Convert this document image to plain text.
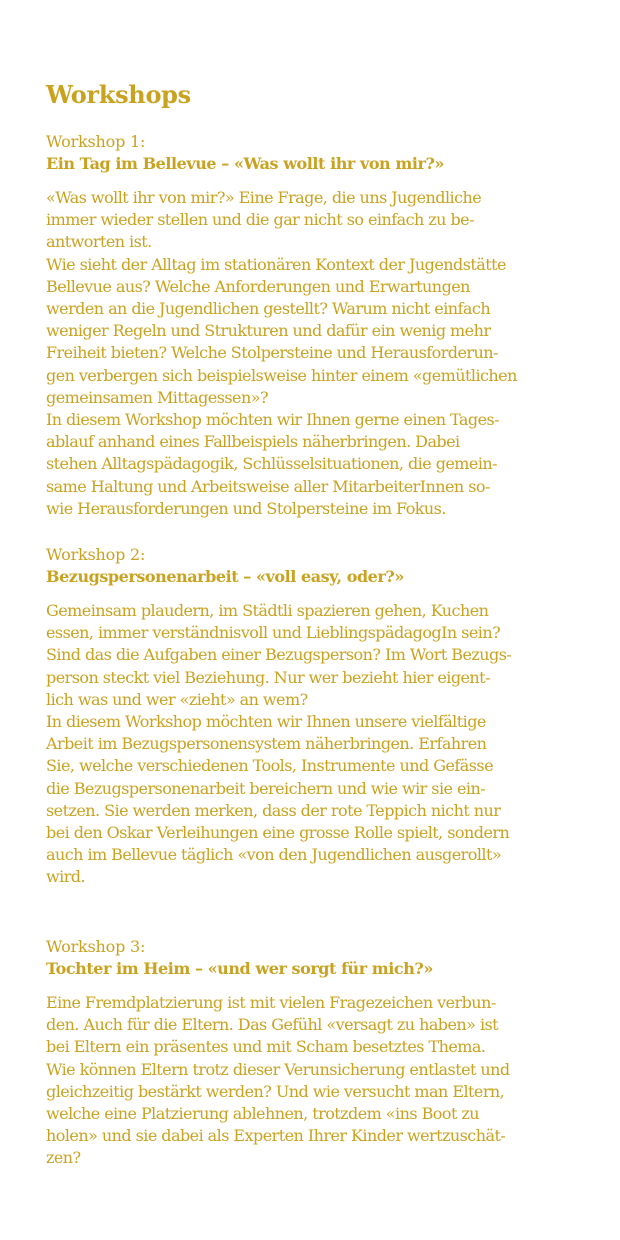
Workshops
Workshop 1:
Ein Tag im Bellevue – «Was wollt ihr von mir?»
«Was wollt ihr von mir?» Eine Frage, die uns Jugendliche
immer wieder stellen und die gar nicht so einfach zu be-
antworten ist.
Wie sieht der Alltag im stationären Kontext der Jugendstätte
Bellevue aus? Welche Anforderungen und Erwartungen
werden an die Jugendlichen gestellt? Warum nicht einfach
weniger Regeln und Strukturen und dafür ein wenig mehr
Freiheit bieten? Welche Stolpersteine und Herausforderun-
gen verbergen sich beispielsweise hinter einem «gemütlichen
gemeinsamen Mittagessen»?
In diesem Workshop möchten wir Ihnen gerne einen Tages-
ablauf anhand eines Fallbeispiels näherbringen. Dabei
stehen Alltagspädagogik, Schlüsselsituationen, die gemein-
same Haltung und Arbeitsweise aller MitarbeiterInnen so-
wie Herausforderungen und Stolpersteine im Fokus.
Workshop 2:
Bezugspersonenarbeit – «voll easy, oder?»
Gemeinsam plaudern, im Städtli spazieren gehen, Kuchen
essen, immer verständnisvoll und LieblingspädagogIn sein?
Sind das die Aufgaben einer Bezugsperson? Im Wort Bezugs-
person steckt viel Beziehung. Nur wer bezieht hier eigent-
lich was und wer «zieht» an wem?
In diesem Workshop möchten wir Ihnen unsere vielfältige
Arbeit im Bezugspersonensystem näherbringen. Erfahren
Sie, welche verschiedenen Tools, Instrumente und Gefässe
die Bezugspersonenarbeit bereichern und wie wir sie ein-
setzen. Sie werden merken, dass der rote Teppich nicht nur
bei den Oskar Verleihungen eine grosse Rolle spielt, sondern
auch im Bellevue täglich «von den Jugendlichen ausgerollt»
wird.
Workshop 3:
Tochter im Heim – «und wer sorgt für mich?»
Eine Fremdplatzierung ist mit vielen Fragezeichen verbun-
den. Auch für die Eltern. Das Gefühl «versagt zu haben» ist
bei Eltern ein präsentes und mit Scham besetztes Thema.
Wie können Eltern trotz dieser Verunsicherung entlastet und
gleichzeitig bestärkt werden? Und wie versucht man Eltern,
welche eine Platzierung ablehnen, trotzdem «ins Boot zu
holen» und sie dabei als Experten Ihrer Kinder wertzuschät-
zen?
